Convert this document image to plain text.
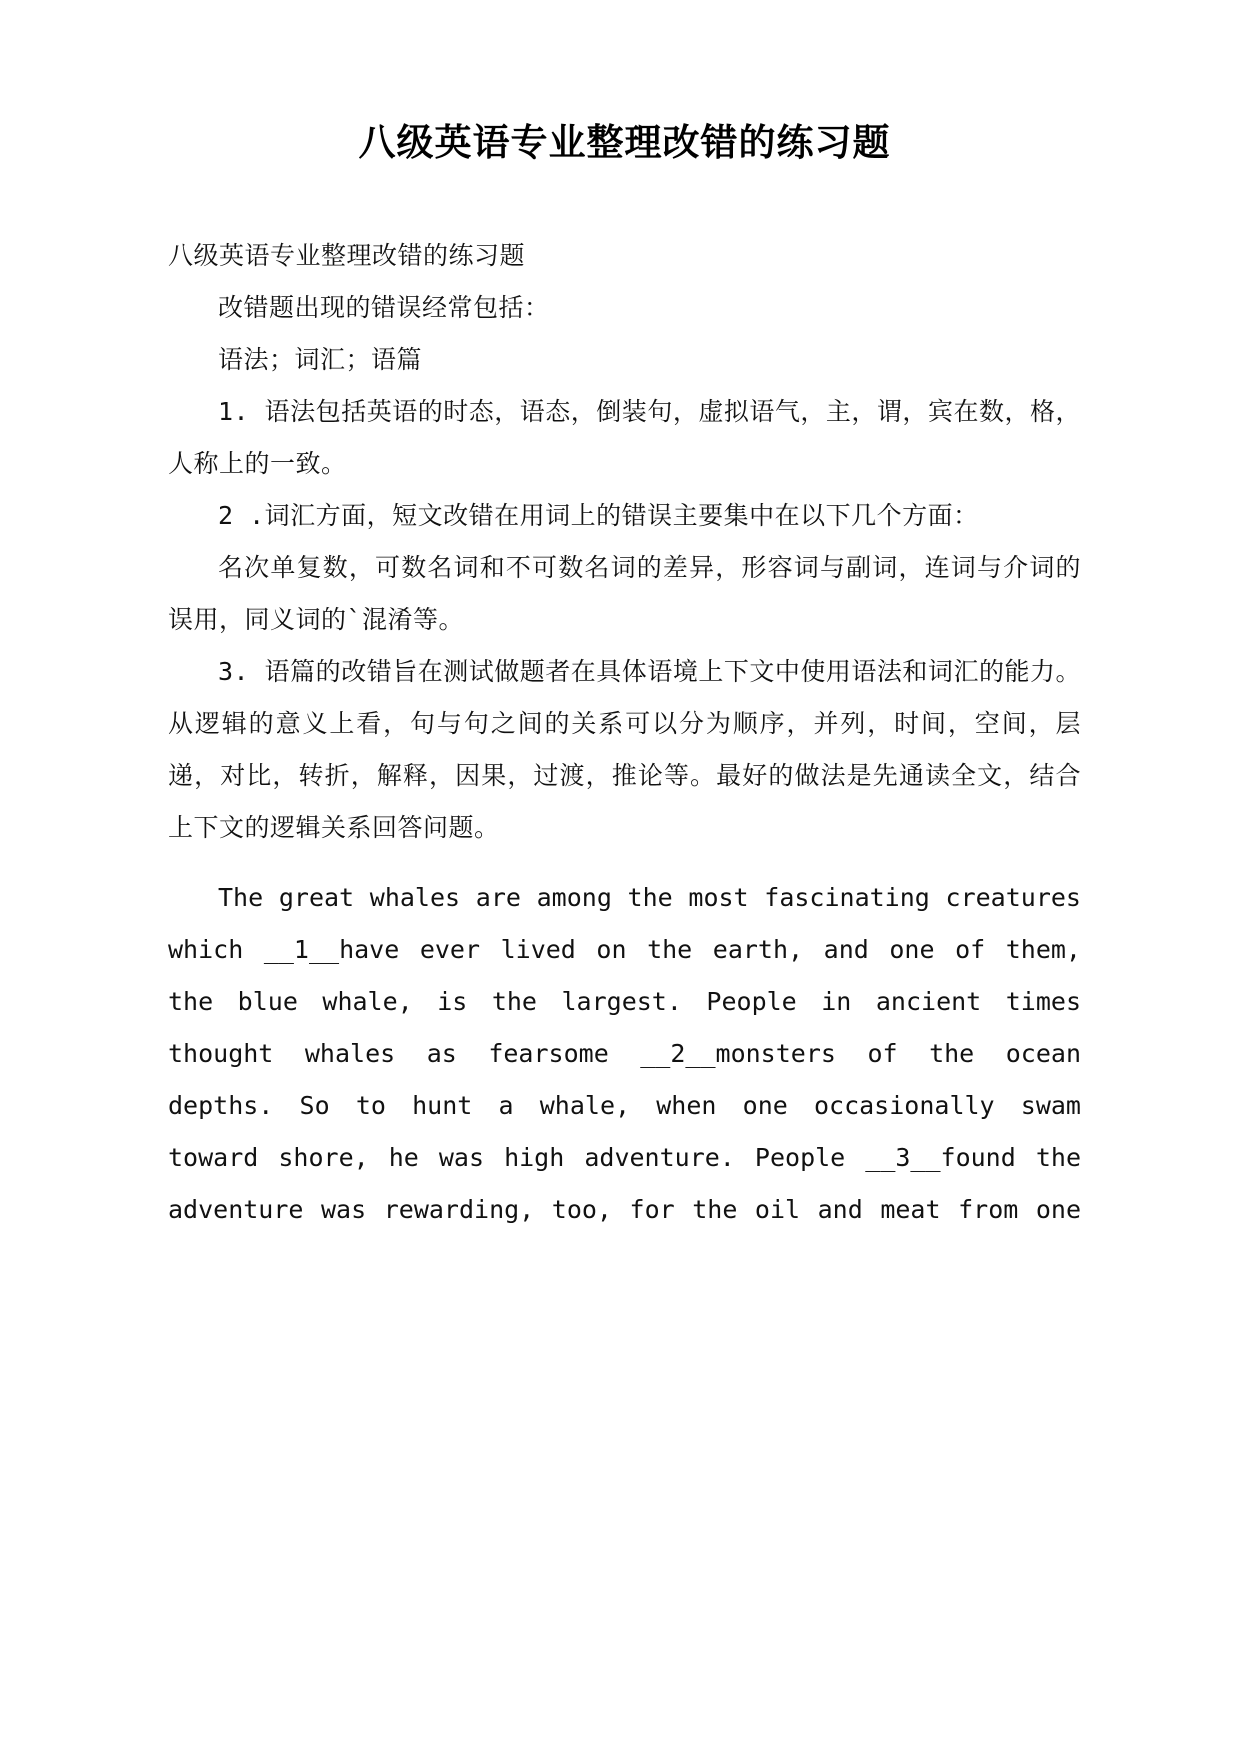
八级英语专业整理改错的练习题

八级英语专业整理改错的练习题

改错题出现的错误经常包括：

语法；词汇；语篇

1. 语法包括英语的时态，语态，倒装句，虚拟语气，主，谓，宾在数，格，人称上的一致。

2 .词汇方面，短文改错在用词上的错误主要集中在以下几个方面：

名次单复数，可数名词和不可数名词的差异，形容词与副词，连词与介词的误用，同义词的`混淆等。

3. 语篇的改错旨在测试做题者在具体语境上下文中使用语法和词汇的能力。从逻辑的意义上看，句与句之间的关系可以分为顺序，并列，时间，空间，层递，对比，转折，解释，因果，过渡，推论等。最好的做法是先通读全文，结合上下文的逻辑关系回答问题。

The great whales are among the most fascinating creatures which __1__have ever lived on the earth, and one of them, the blue whale, is the largest. People in ancient times thought whales as fearsome __2__monsters of the ocean depths. So to hunt a whale, when one occasionally swam toward shore, he was high adventure. People __3__found the adventure was rewarding, too, for the oil and meat from one
